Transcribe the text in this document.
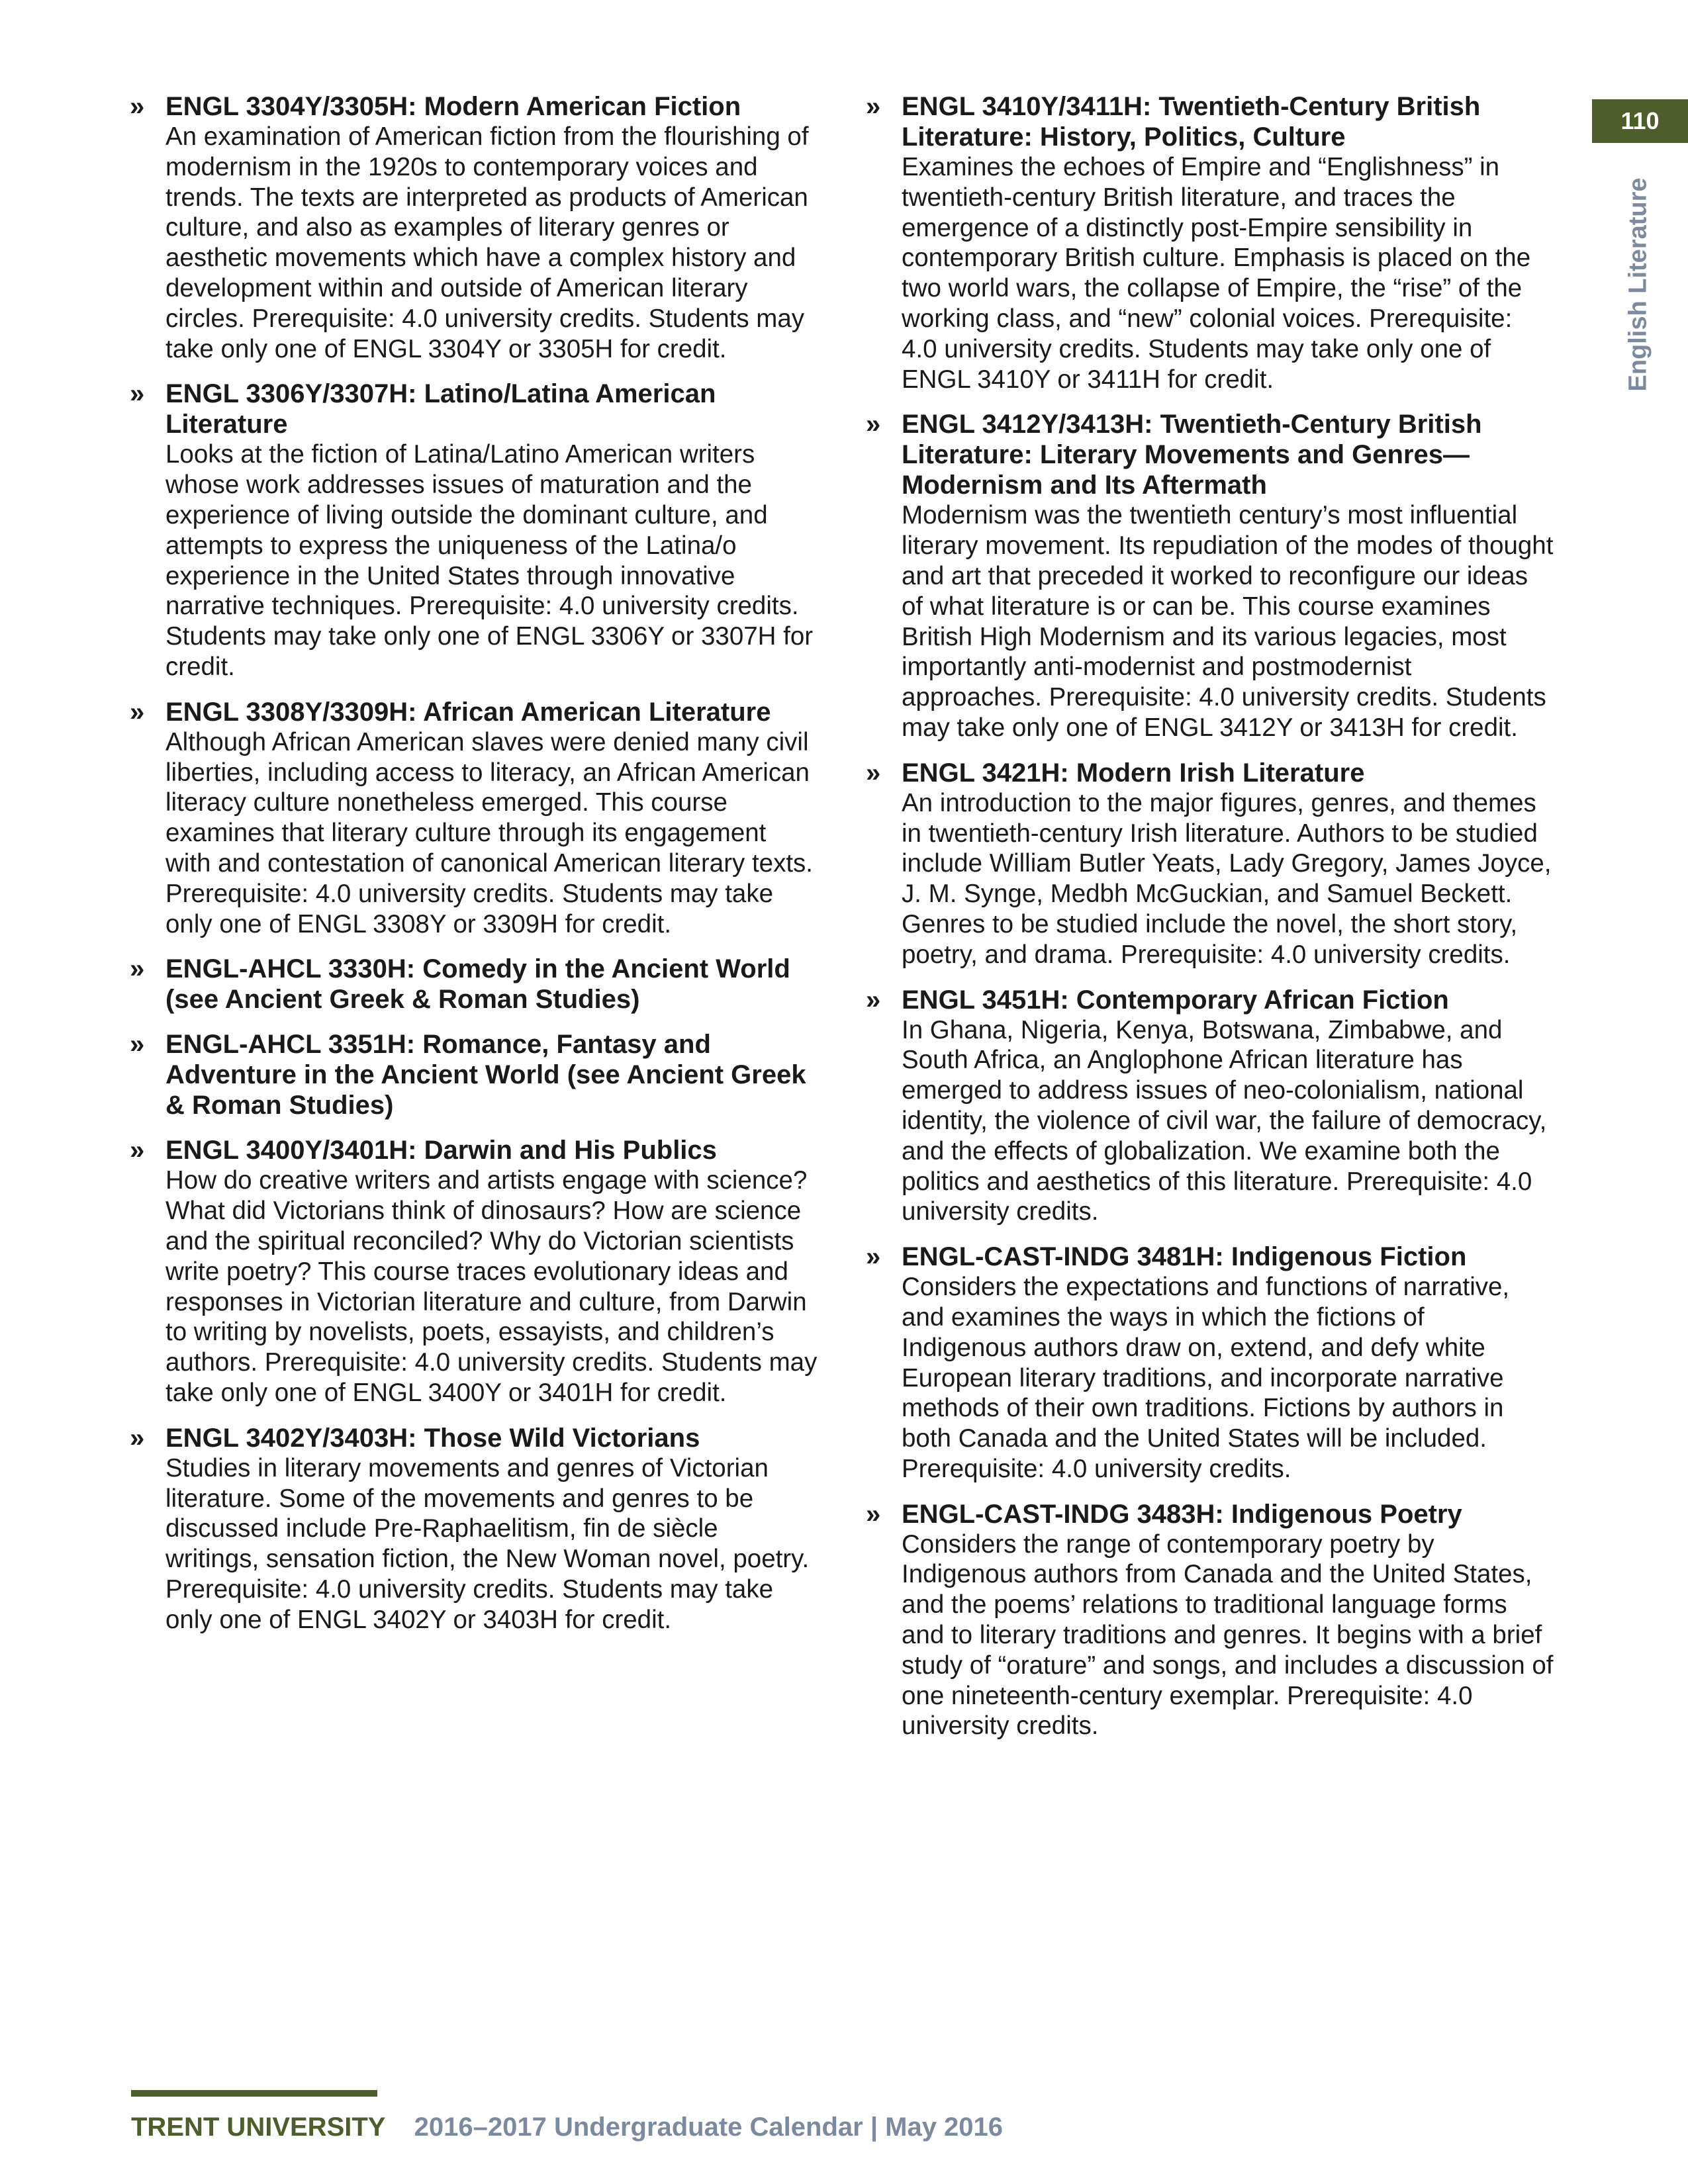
» ENGL 3304Y/3305H: Modern American Fiction
An examination of American fiction from the flourishing of modernism in the 1920s to contemporary voices and trends. The texts are interpreted as products of American culture, and also as examples of literary genres or aesthetic movements which have a complex history and development within and outside of American literary circles. Prerequisite: 4.0 university credits. Students may take only one of ENGL 3304Y or 3305H for credit.
» ENGL 3306Y/3307H: Latino/Latina American Literature
Looks at the fiction of Latina/Latino American writers whose work addresses issues of maturation and the experience of living outside the dominant culture, and attempts to express the uniqueness of the Latina/o experience in the United States through innovative narrative techniques. Prerequisite: 4.0 university credits. Students may take only one of ENGL 3306Y or 3307H for credit.
» ENGL 3308Y/3309H: African American Literature
Although African American slaves were denied many civil liberties, including access to literacy, an African American literacy culture nonetheless emerged. This course examines that literary culture through its engagement with and contestation of canonical American literary texts. Prerequisite: 4.0 university credits. Students may take only one of ENGL 3308Y or 3309H for credit.
» ENGL-AHCL 3330H: Comedy in the Ancient World (see Ancient Greek & Roman Studies)
» ENGL-AHCL 3351H: Romance, Fantasy and Adventure in the Ancient World (see Ancient Greek & Roman Studies)
» ENGL 3400Y/3401H: Darwin and His Publics
How do creative writers and artists engage with science? What did Victorians think of dinosaurs? How are science and the spiritual reconciled? Why do Victorian scientists write poetry? This course traces evolutionary ideas and responses in Victorian literature and culture, from Darwin to writing by novelists, poets, essayists, and children’s authors. Prerequisite: 4.0 university credits. Students may take only one of ENGL 3400Y or 3401H for credit.
» ENGL 3402Y/3403H: Those Wild Victorians
Studies in literary movements and genres of Victorian literature. Some of the movements and genres to be discussed include Pre-Raphaelitism, fin de siècle writings, sensation fiction, the New Woman novel, poetry. Prerequisite: 4.0 university credits. Students may take only one of ENGL 3402Y or 3403H for credit.
» ENGL 3410Y/3411H: Twentieth-Century British Literature: History, Politics, Culture
Examines the echoes of Empire and “Englishness” in twentieth-century British literature, and traces the emergence of a distinctly post-Empire sensibility in contemporary British culture. Emphasis is placed on the two world wars, the collapse of Empire, the “rise” of the working class, and “new” colonial voices. Prerequisite: 4.0 university credits. Students may take only one of ENGL 3410Y or 3411H for credit.
» ENGL 3412Y/3413H: Twentieth-Century British Literature: Literary Movements and Genres—Modernism and Its Aftermath
Modernism was the twentieth century’s most influential literary movement. Its repudiation of the modes of thought and art that preceded it worked to reconfigure our ideas of what literature is or can be. This course examines British High Modernism and its various legacies, most importantly anti-modernist and postmodernist approaches. Prerequisite: 4.0 university credits. Students may take only one of ENGL 3412Y or 3413H for credit.
» ENGL 3421H: Modern Irish Literature
An introduction to the major figures, genres, and themes in twentieth-century Irish literature. Authors to be studied include William Butler Yeats, Lady Gregory, James Joyce, J. M. Synge, Medbh McGuckian, and Samuel Beckett. Genres to be studied include the novel, the short story, poetry, and drama. Prerequisite: 4.0 university credits.
» ENGL 3451H: Contemporary African Fiction
In Ghana, Nigeria, Kenya, Botswana, Zimbabwe, and South Africa, an Anglophone African literature has emerged to address issues of neo-colonialism, national identity, the violence of civil war, the failure of democracy, and the effects of globalization. We examine both the politics and aesthetics of this literature. Prerequisite: 4.0 university credits.
» ENGL-CAST-INDG 3481H: Indigenous Fiction
Considers the expectations and functions of narrative, and examines the ways in which the fictions of Indigenous authors draw on, extend, and defy white European literary traditions, and incorporate narrative methods of their own traditions. Fictions by authors in both Canada and the United States will be included. Prerequisite: 4.0 university credits.
» ENGL-CAST-INDG 3483H: Indigenous Poetry
Considers the range of contemporary poetry by Indigenous authors from Canada and the United States, and the poems’ relations to traditional language forms and to literary traditions and genres. It begins with a brief study of “orature” and songs, and includes a discussion of one nineteenth-century exemplar. Prerequisite: 4.0 university credits.
110
English Literature
TRENT UNIVERSITY 2016–2017 Undergraduate Calendar | May 2016
